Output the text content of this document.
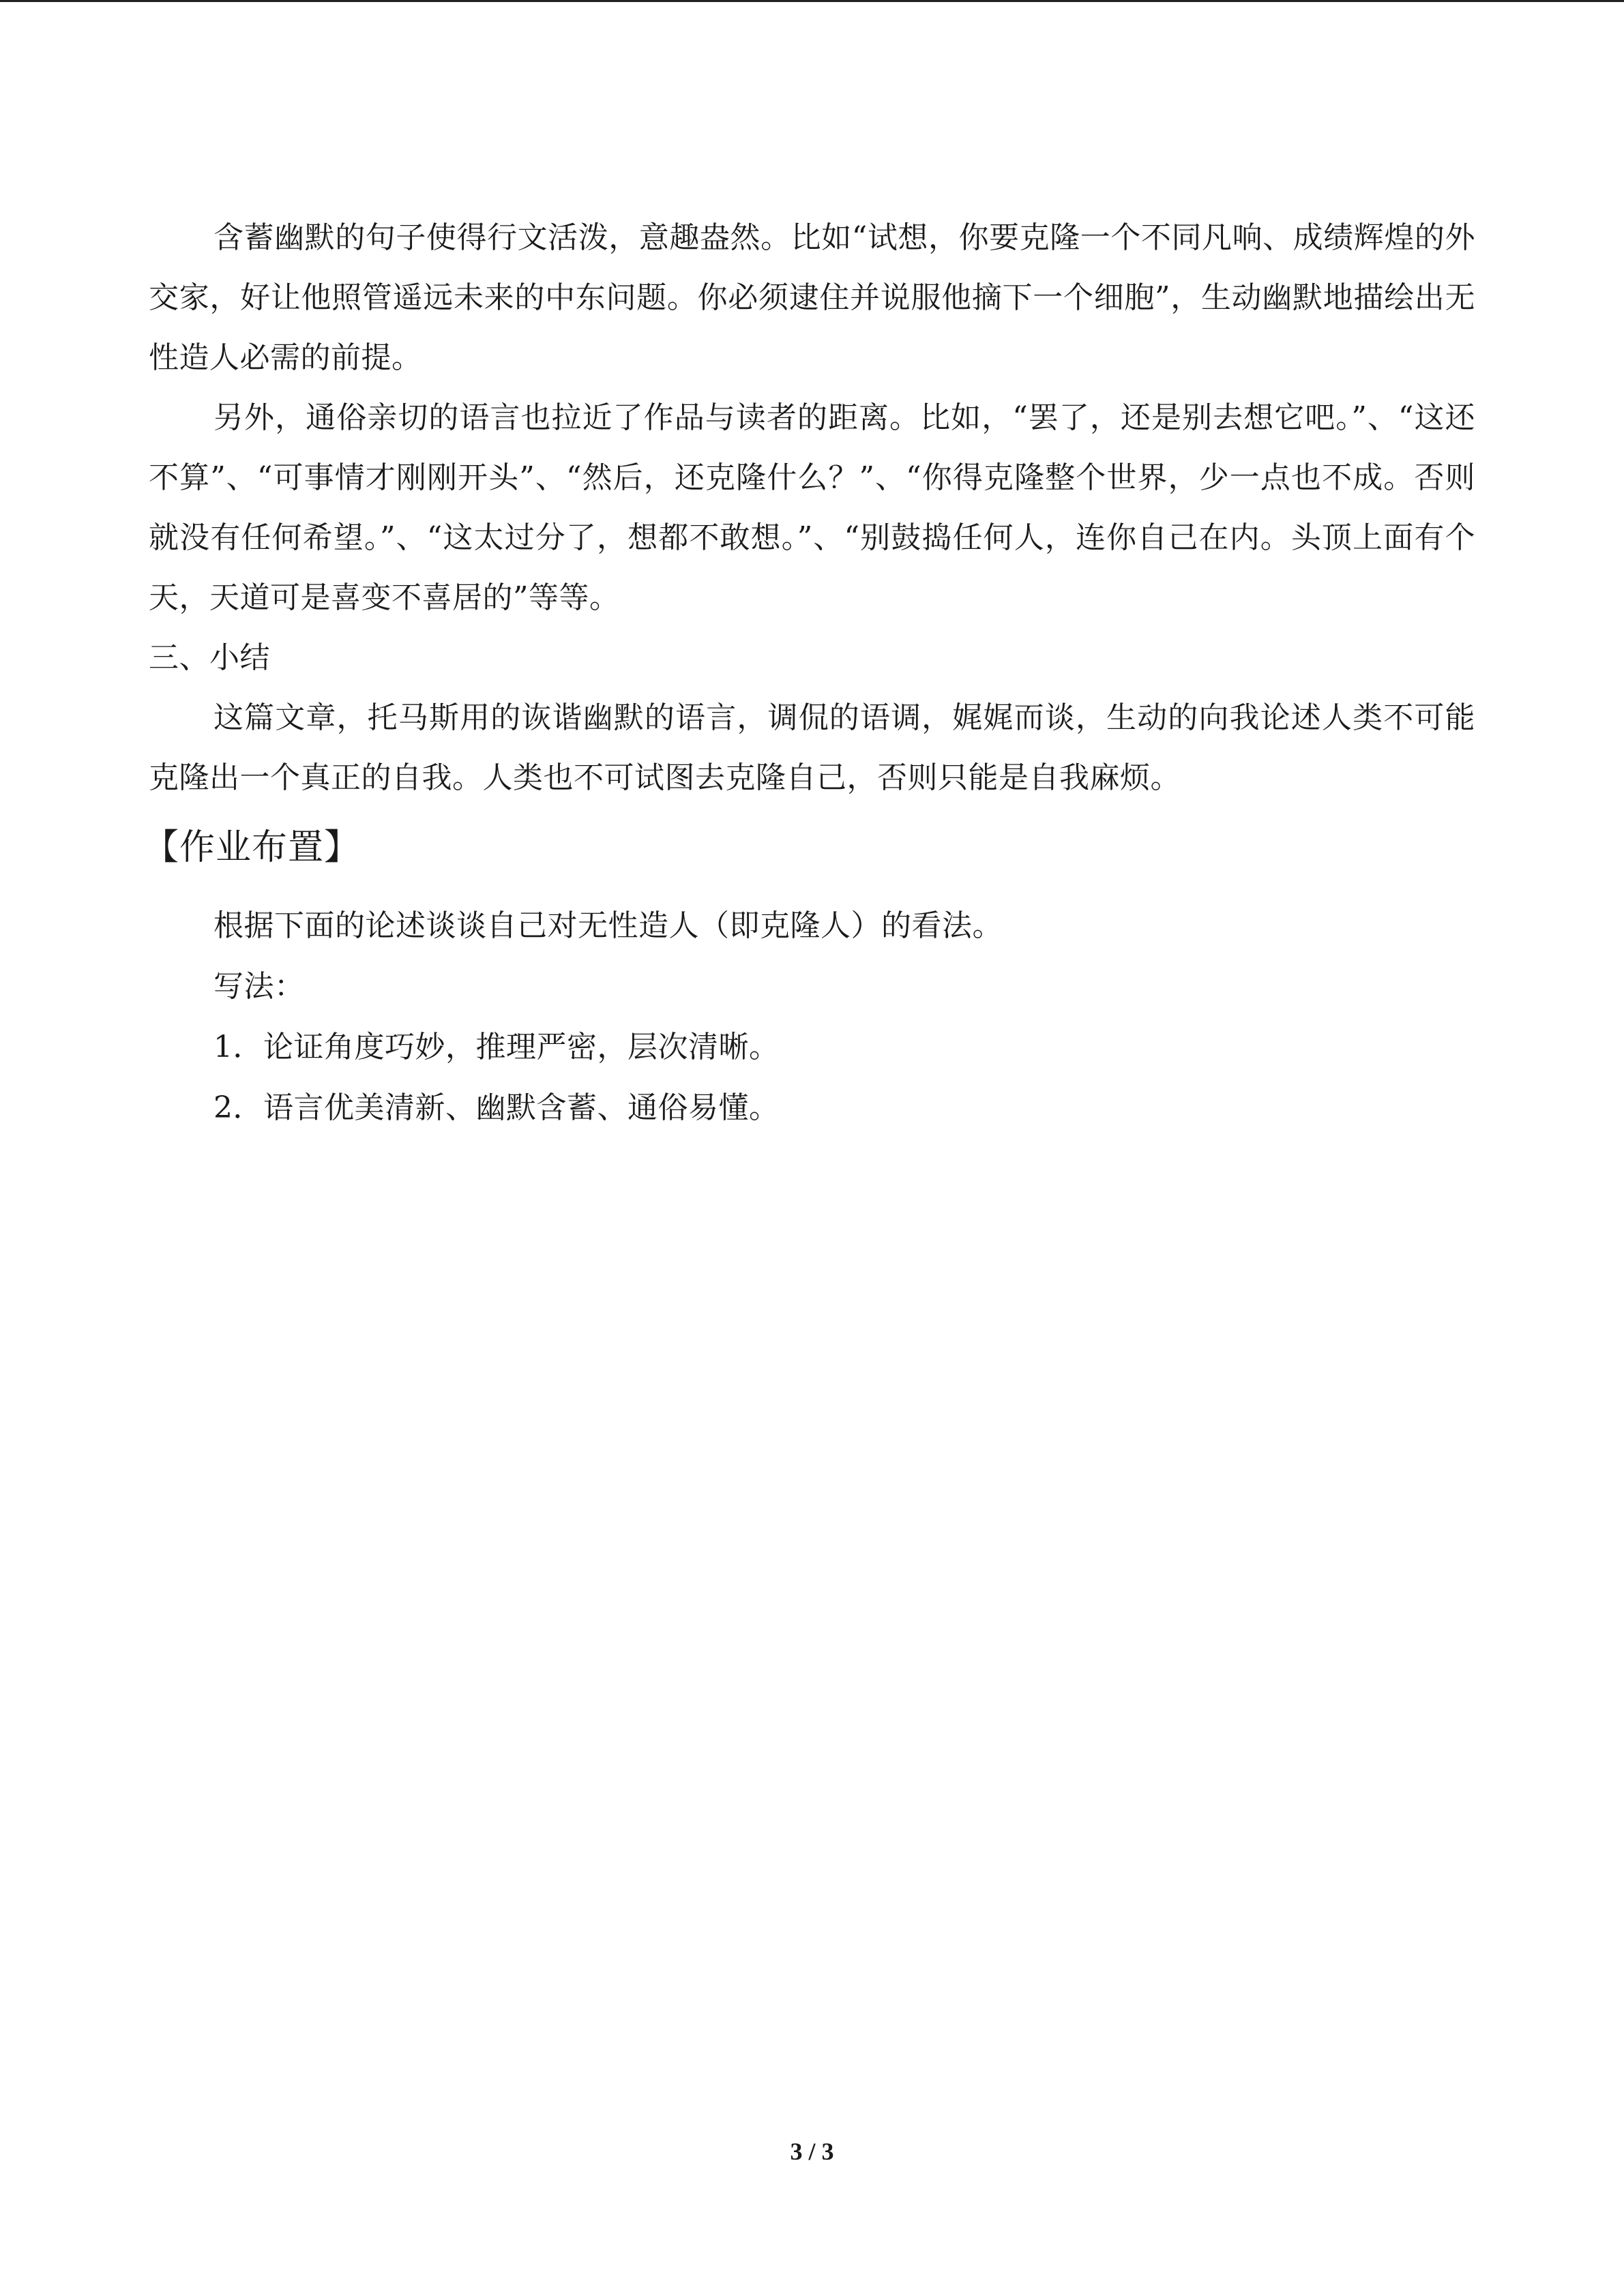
含蓄幽默的句子使得行文活泼，意趣盎然。比如“试想，你要克隆一个不同凡响、成绩辉煌的外交家，好让他照管遥远未来的中东问题。你必须逮住并说服他摘下一个细胞”，生动幽默地描绘出无性造人必需的前提。

另外，通俗亲切的语言也拉近了作品与读者的距离。比如，“罢了，还是别去想它吧。”、“这还不算”、“可事情才刚刚开头”、“然后，还克隆什么？”、“你得克隆整个世界，少一点也不成。否则就没有任何希望。”、“这太过分了，想都不敢想。”、“别鼓捣任何人，连你自己在内。头顶上面有个天，天道可是喜变不喜居的”等等。

三、小结

这篇文章，托马斯用的诙谐幽默的语言，调侃的语调，娓娓而谈，生动的向我论述人类不可能克隆出一个真正的自我。人类也不可试图去克隆自己，否则只能是自我麻烦。

【作业布置】

根据下面的论述谈谈自己对无性造人（即克隆人）的看法。

写法：

1．论证角度巧妙，推理严密，层次清晰。

2．语言优美清新、幽默含蓄、通俗易懂。

3 / 3
